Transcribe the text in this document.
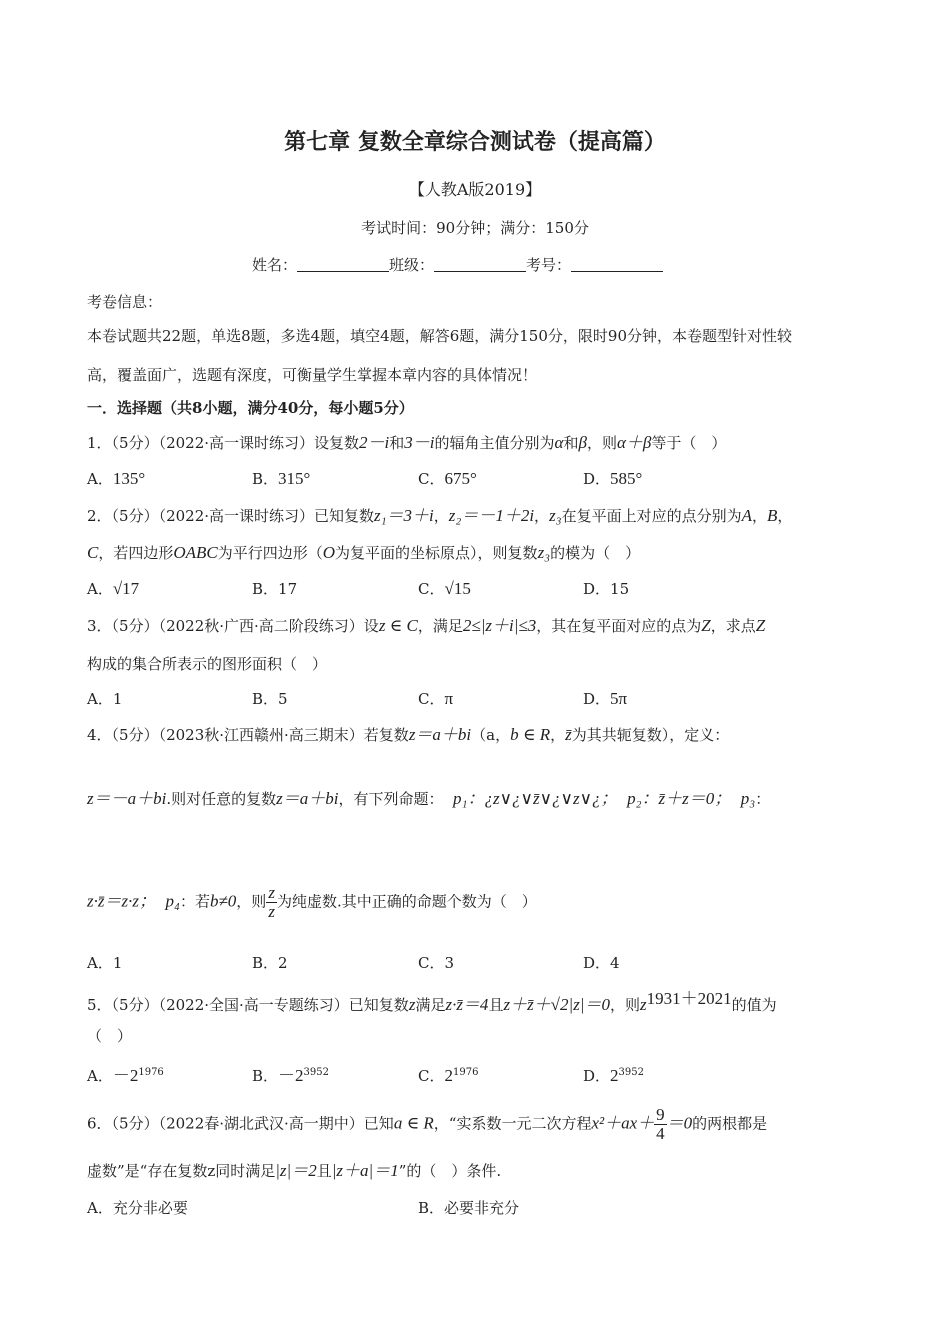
第七章 复数全章综合测试卷（提高篇）
【人教A版2019】
考试时间：90分钟；满分：150分
姓名：	班级：	考号：
考卷信息：
本卷试题共22题，单选8题，多选4题，填空4题，解答6题，满分150分，限时90分钟，本卷题型针对性较
高，覆盖面广，选题有深度，可衡量学生掌握本章内容的具体情况！
一．选择题（共8小题，满分40分，每小题5分）
1．（5分）（2022·高一课时练习）设复数2－i和3－i的辐角主值分别为α和β，则α＋β等于（　）
A．135°	B．315°	C．675°	D．585°
2．（5分）（2022·高一课时练习）已知复数z₁＝3＋i，z₂＝－1＋2i，z₃在复平面上对应的点分别为A，B，
C，若四边形OABC为平行四边形（O为复平面的坐标原点），则复数z₃的模为（　）
A．√17	B．17	C．√15	D．15
3．（5分）（2022秋·广西·高二阶段练习）设z ∈ C，满足2≤|z＋i|≤3，其在复平面对应的点为Z，求点Z
构成的集合所表示的图形面积（　）
A．1	B．5	C．π	D．5π
4．（5分）（2023秋·江西赣州·高三期末）若复数z＝a＋bi（a，b ∈ R，z̄为其共轭复数），定义：
z＝－a＋bi.则对任意的复数z＝a＋bi，有下列命题： p₁：¿z∨¿∨z̄∨¿∨z∨¿； p₂：z̄＋z＝0； p₃：
z·z̄＝z·z； p₄：若b≠0，则 $\frac{z}{z}$ 为纯虚数.其中正确的命题个数为（　）
A．1	B．2	C．3	D．4
5．（5分）（2022·全国·高一专题练习）已知复数z满足z·z̄＝4且z＋z̄＋√2|z|＝0，则$z^{1931+2021}$的值为
（　）
A．$-2^{1976}$	B．$-2^{3952}$	C．$2^{1976}$	D．$2^{3952}$
6．（5分）（2022春·湖北武汉·高一期中）已知a ∈ R，“实系数一元二次方程$x^2+ax+ \frac{9}{4} =0$的两根都是
虚数”是“存在复数z同时满足|z|＝2且|z＋a|＝1”的（　）条件.
A．充分非必要	B．必要非充分
